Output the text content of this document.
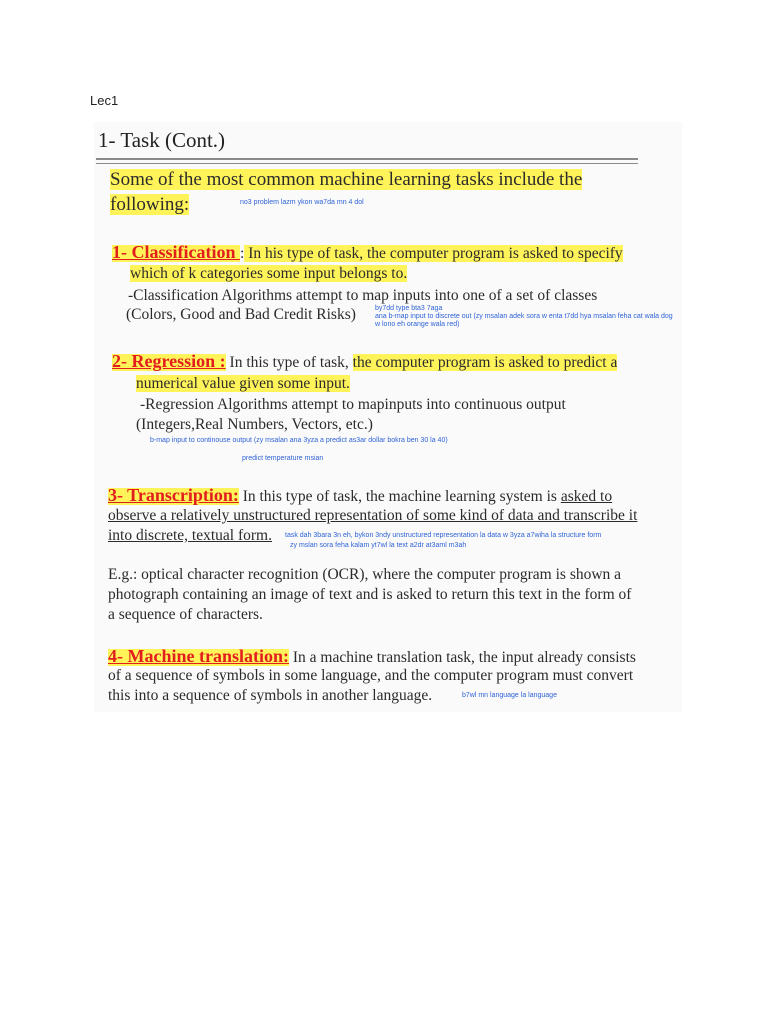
Lec1
1- Task (Cont.)
Some of the most common machine learning tasks include the
following:	no3 problem lazm ykon wa7da mn 4 dol
1- Classification : In his type of task, the computer program is asked to specify
which of k categories some input belongs to.
-Classification Algorithms attempt to map inputs into one of a set of classes
(Colors, Good and Bad Credit Risks)	by7dd type bta3 7aga
ana b-map input to discrete out (zy msalan adek sora w enta t7dd hya msalan feha cat wala dog
w lono eh orange wala red)
2- Regression : In this type of task, the computer program is asked to predict a
numerical value given some input.
-Regression Algorithms attempt to mapinputs into continuous output
(Integers,Real Numbers, Vectors, etc.)
b-map input to continouse output (zy msalan ana 3yza a predict as3ar dollar bokra ben 30 la 40)
predict temperature msian
3- Transcription: In this type of task, the machine learning system is asked to
observe a relatively unstructured representation of some kind of data and transcribe it
into discrete, textual form. task dah 3bara 3n eh, bykon 3ndy unstructured representation la data w 3yza a7wiha la structure form
zy mslan sora feha kalam yt7wl la text a2dr at3aml m3ah
E.g.: optical character recognition (OCR), where the computer program is shown a
photograph containing an image of text and is asked to return this text in the form of
a sequence of characters.
4- Machine translation: In a machine translation task, the input already consists
of a sequence of symbols in some language, and the computer program must convert
this into a sequence of symbols in another language.	b7wl mn language la language
